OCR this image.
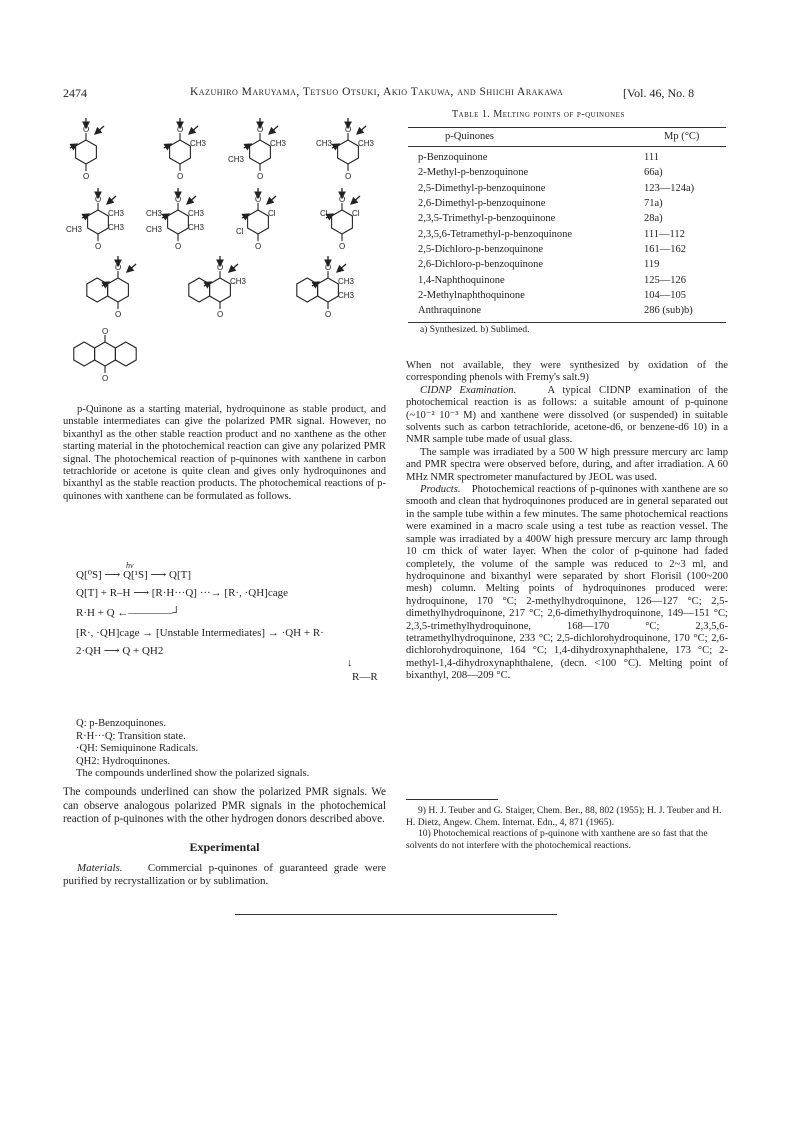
2474	Kazuhiro Maruyama, Tetsuo Otsuki, Akio Takuwa, and Shiichi Arakawa	[Vol. 46, No. 8
O
O
O
O
CH3
O
O
CH3
CH3
O
O
CH3
CH3
O
O
CH3
CH3
CH3
O
O
CH3
CH3
CH3
CH3
O
O
Cl
Cl
O
O
Cl
Cl
O
O
O
O
CH3
O
O
CH3
CH3
O
O

p-Quinone as a starting material, hydroquinone as stable product, and unstable intermediates can give the polarized PMR signal. However, no bixanthyl as the other stable reaction product and no xanthene as the other starting material in the photochemical reaction can give any polarized PMR signal. The photochemical reaction of p-quinones with xanthene in carbon tetrachloride or acetone is quite clean and gives only hydroquinones and bixanthyl as the stable reaction products. The photochemical reactions of p-quinones with xanthene can be formulated as follows.

hν
Q[⁰S] ⟶ Q[¹S] ⟶ Q[T]
Q[T] + R–H ⟶ [R·H···Q] ···→ [R·, ·QH]cage
R·H + Q ←————┘
[R·, ·QH]cage → [Unstable Intermediates] → ·QH + R·
2·QH ⟶ Q + QH2
↓
R—R
Q: p-Benzoquinones.
R·H···Q: Transition state.
·QH: Semiquinone Radicals.
QH2: Hydroquinones.
The compounds underlined show the polarized signals.

The compounds underlined can show the polarized PMR signals. We can observe analogous polarized PMR signals in the photochemical reaction of p-quinones with the other hydrogen donors described above.

Experimental

Materials. Commercial p-quinones of guaranteed grade were purified by recrystallization or by sublimation.

Table 1. Melting points of p-quinones
p-Quinones	Mp (°C)
p-Benzoquinone	111
2-Methyl-p-benzoquinone	66a)
2,5-Dimethyl-p-benzoquinone	123—124a)
2,6-Dimethyl-p-benzoquinone	71a)
2,3,5-Trimethyl-p-benzoquinone	28a)
2,3,5,6-Tetramethyl-p-benzoquinone	111—112
2,5-Dichloro-p-benzoquinone	161—162
2,6-Dichloro-p-benzoquinone	119
1,4-Naphthoquinone	125—126
2-Methylnaphthoquinone	104—105
Anthraquinone	286 (sub)b)
a) Synthesized. b) Sublimed.

When not available, they were synthesized by oxidation of the corresponding phenols with Fremy's salt.9)

CIDNP Examination.	A typical CIDNP examination of the photochemical reaction is as follows: a suitable amount of p-quinone (~10⁻² 10⁻³ M) and xanthene were dissolved (or suspended) in suitable solvents such as carbon tetrachloride, acetone-d6, or benzene-d6 10) in a NMR sample tube made of usual glass.

The sample was irradiated by a 500 W high pressure mercury arc lamp and PMR spectra were observed before, during, and after irradiation. A 60 MHz NMR spectrometer manufactured by JEOL was used.

Products. Photochemical reactions of p-quinones with xanthene are so smooth and clean that hydroquinones produced are in general separated out in the sample tube within a few minutes. The same photochemical reactions were examined in a macro scale using a test tube as reaction vessel. The sample was irradiated by a 400W high pressure mercury arc lamp through 10 cm thick of water layer. When the color of p-quinone had faded completely, the volume of the sample was reduced to 2~3 ml, and hydroquinone and bixanthyl were separated by short Florisil (100~200 mesh) column. Melting points of hydroquinones produced were: hydroquinone, 170 °C; 2-methylhydroquinone, 126—127 °C; 2,5-dimethylhydroquinone, 217 °C; 2,6-dimethylhydroquinone, 149—151 °C; 2,3,5-trimethylhydroquinone, 168—170 °C; 2,3,5,6-tetramethylhydroquinone, 233 °C; 2,5-dichlorohydroquinone, 170 °C; 2,6-dichlorohydroquinone, 164 °C; 1,4-dihydroxynaphthalene, 173 °C; 2-methyl-1,4-dihydroxynaphthalene, (decn. <100 °C). Melting point of bixanthyl, 208—209 °C.

9) H. J. Teuber and G. Staiger, Chem. Ber., 88, 802 (1955); H. J. Teuber and H. H. Dietz, Angew. Chem. Internat. Edn., 4, 871 (1965).
10) Photochemical reactions of p-quinone with xanthene are so fast that the solvents do not interfere with the photochemical reactions.
